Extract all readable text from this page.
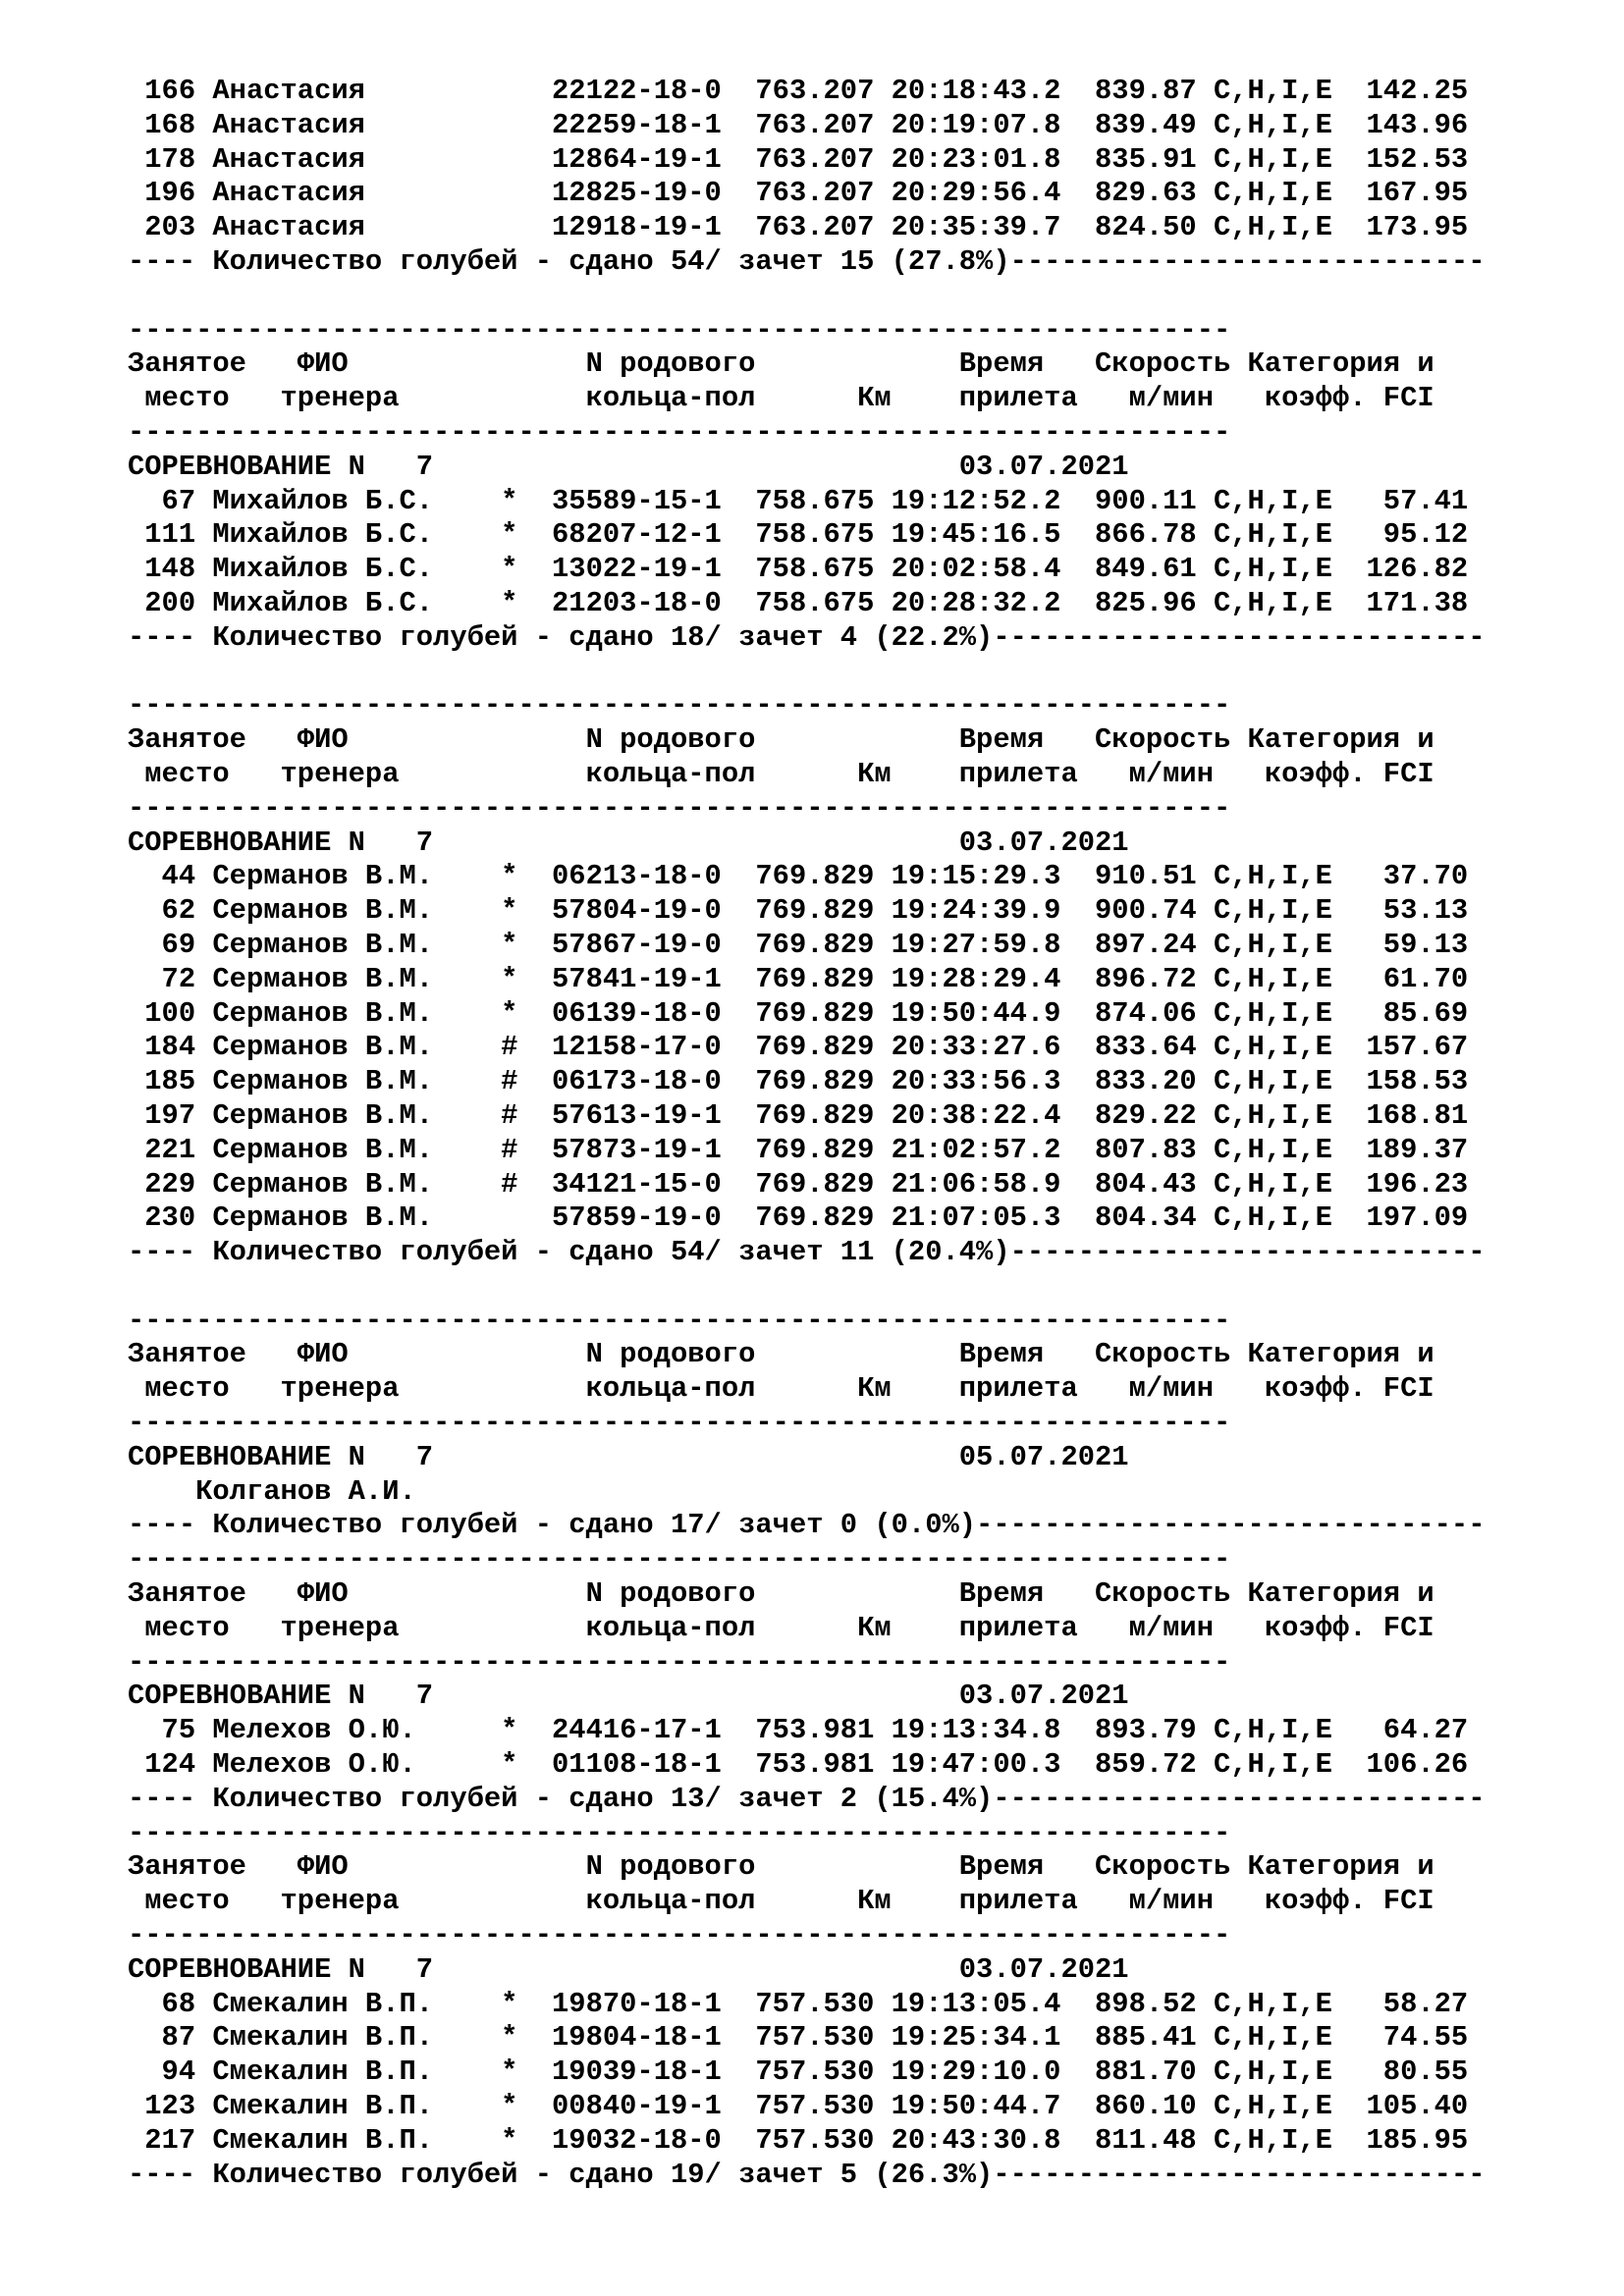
166 Анастасия           22122-18-0  763.207 20:18:43.2  839.87 C,H,I,E  142.25
168 Анастасия           22259-18-1  763.207 20:19:07.8  839.49 C,H,I,E  143.96
178 Анастасия           12864-19-1  763.207 20:23:01.8  835.91 C,H,I,E  152.53
196 Анастасия           12825-19-0  763.207 20:29:56.4  829.63 C,H,I,E  167.95
203 Анастасия           12918-19-1  763.207 20:35:39.7  824.50 C,H,I,E  173.95
---- Количество голубей - сдано 54/ зачет 15 (27.8%)----------------------------
-----------------------------------------------------------------
Занятое   ФИО              N родового            Время   Скорость Категория и
место   тренера           кольца-пол      Км    прилета   м/мин   коэфф. FCI
-----------------------------------------------------------------
СОРЕВНОВАНИЕ N   7                               03.07.2021
67 Михайлов Б.С.    *  35589-15-1  758.675 19:12:52.2  900.11 C,H,I,E   57.41
111 Михайлов Б.С.    *  68207-12-1  758.675 19:45:16.5  866.78 C,H,I,E   95.12
148 Михайлов Б.С.    *  13022-19-1  758.675 20:02:58.4  849.61 C,H,I,E  126.82
200 Михайлов Б.С.    *  21203-18-0  758.675 20:28:32.2  825.96 C,H,I,E  171.38
---- Количество голубей - сдано 18/ зачет 4 (22.2%)-----------------------------
-----------------------------------------------------------------
Занятое   ФИО              N родового            Время   Скорость Категория и
место   тренера           кольца-пол      Км    прилета   м/мин   коэфф. FCI
-----------------------------------------------------------------
СОРЕВНОВАНИЕ N   7                               03.07.2021
44 Серманов В.М.    *  06213-18-0  769.829 19:15:29.3  910.51 C,H,I,E   37.70
62 Серманов В.М.    *  57804-19-0  769.829 19:24:39.9  900.74 C,H,I,E   53.13
69 Серманов В.М.    *  57867-19-0  769.829 19:27:59.8  897.24 C,H,I,E   59.13
72 Серманов В.М.    *  57841-19-1  769.829 19:28:29.4  896.72 C,H,I,E   61.70
100 Серманов В.М.    *  06139-18-0  769.829 19:50:44.9  874.06 C,H,I,E   85.69
184 Серманов В.М.    #  12158-17-0  769.829 20:33:27.6  833.64 C,H,I,E  157.67
185 Серманов В.М.    #  06173-18-0  769.829 20:33:56.3  833.20 C,H,I,E  158.53
197 Серманов В.М.    #  57613-19-1  769.829 20:38:22.4  829.22 C,H,I,E  168.81
221 Серманов В.М.    #  57873-19-1  769.829 21:02:57.2  807.83 C,H,I,E  189.37
229 Серманов В.М.    #  34121-15-0  769.829 21:06:58.9  804.43 C,H,I,E  196.23
230 Серманов В.М.       57859-19-0  769.829 21:07:05.3  804.34 C,H,I,E  197.09
---- Количество голубей - сдано 54/ зачет 11 (20.4%)----------------------------
-----------------------------------------------------------------
Занятое   ФИО              N родового            Время   Скорость Категория и
место   тренера           кольца-пол      Км    прилета   м/мин   коэфф. FCI
-----------------------------------------------------------------
СОРЕВНОВАНИЕ N   7                               05.07.2021
Колганов А.И.
---- Количество голубей - сдано 17/ зачет 0 (0.0%)------------------------------
-----------------------------------------------------------------
Занятое   ФИО              N родового            Время   Скорость Категория и
место   тренера           кольца-пол      Км    прилета   м/мин   коэфф. FCI
-----------------------------------------------------------------
СОРЕВНОВАНИЕ N   7                               03.07.2021
75 Мелехов О.Ю.     *  24416-17-1  753.981 19:13:34.8  893.79 C,H,I,E   64.27
124 Мелехов О.Ю.     *  01108-18-1  753.981 19:47:00.3  859.72 C,H,I,E  106.26
---- Количество голубей - сдано 13/ зачет 2 (15.4%)-----------------------------
-----------------------------------------------------------------
Занятое   ФИО              N родового            Время   Скорость Категория и
место   тренера           кольца-пол      Км    прилета   м/мин   коэфф. FCI
-----------------------------------------------------------------
СОРЕВНОВАНИЕ N   7                               03.07.2021
68 Смекалин В.П.    *  19870-18-1  757.530 19:13:05.4  898.52 C,H,I,E   58.27
87 Смекалин В.П.    *  19804-18-1  757.530 19:25:34.1  885.41 C,H,I,E   74.55
94 Смекалин В.П.    *  19039-18-1  757.530 19:29:10.0  881.70 C,H,I,E   80.55
123 Смекалин В.П.    *  00840-19-1  757.530 19:50:44.7  860.10 C,H,I,E  105.40
217 Смекалин В.П.    *  19032-18-0  757.530 20:43:30.8  811.48 C,H,I,E  185.95
---- Количество голубей - сдано 19/ зачет 5 (26.3%)-----------------------------
